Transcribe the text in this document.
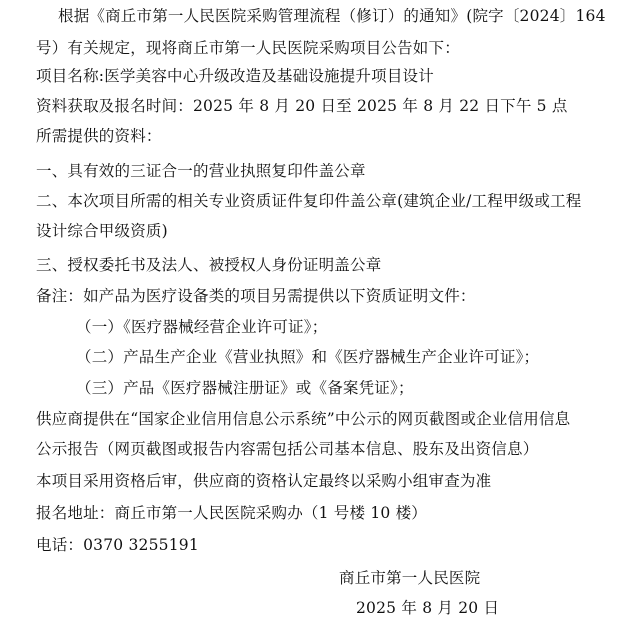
根据《商丘市第一人民医院采购管理流程（修订）的通知》(院字〔2024〕164

号）有关规定，现将商丘市第一人民医院采购项目公告如下：

项目名称:医学美容中心升级改造及基础设施提升项目设计

资料获取及报名时间：2025 年 8 月 20 日至 2025 年 8 月 22 日下午 5 点

所需提供的资料：

一、具有效的三证合一的营业执照复印件盖公章

二、本次项目所需的相关专业资质证件复印件盖公章(建筑企业/工程甲级或工程

设计综合甲级资质)

三、授权委托书及法人、被授权人身份证明盖公章

备注：如产品为医疗设备类的项目另需提供以下资质证明文件：

（一）《医疗器械经营企业许可证》；

（二）产品生产企业《营业执照》和《医疗器械生产企业许可证》；

（三）产品《医疗器械注册证》或《备案凭证》；

供应商提供在“国家企业信用信息公示系统”中公示的网页截图或企业信用信息

公示报告（网页截图或报告内容需包括公司基本信息、股东及出资信息）

本项目采用资格后审，供应商的资格认定最终以采购小组审查为准

报名地址：商丘市第一人民医院采购办（1 号楼 10 楼）

电话：0370 3255191

商丘市第一人民医院

2025 年 8 月 20 日
